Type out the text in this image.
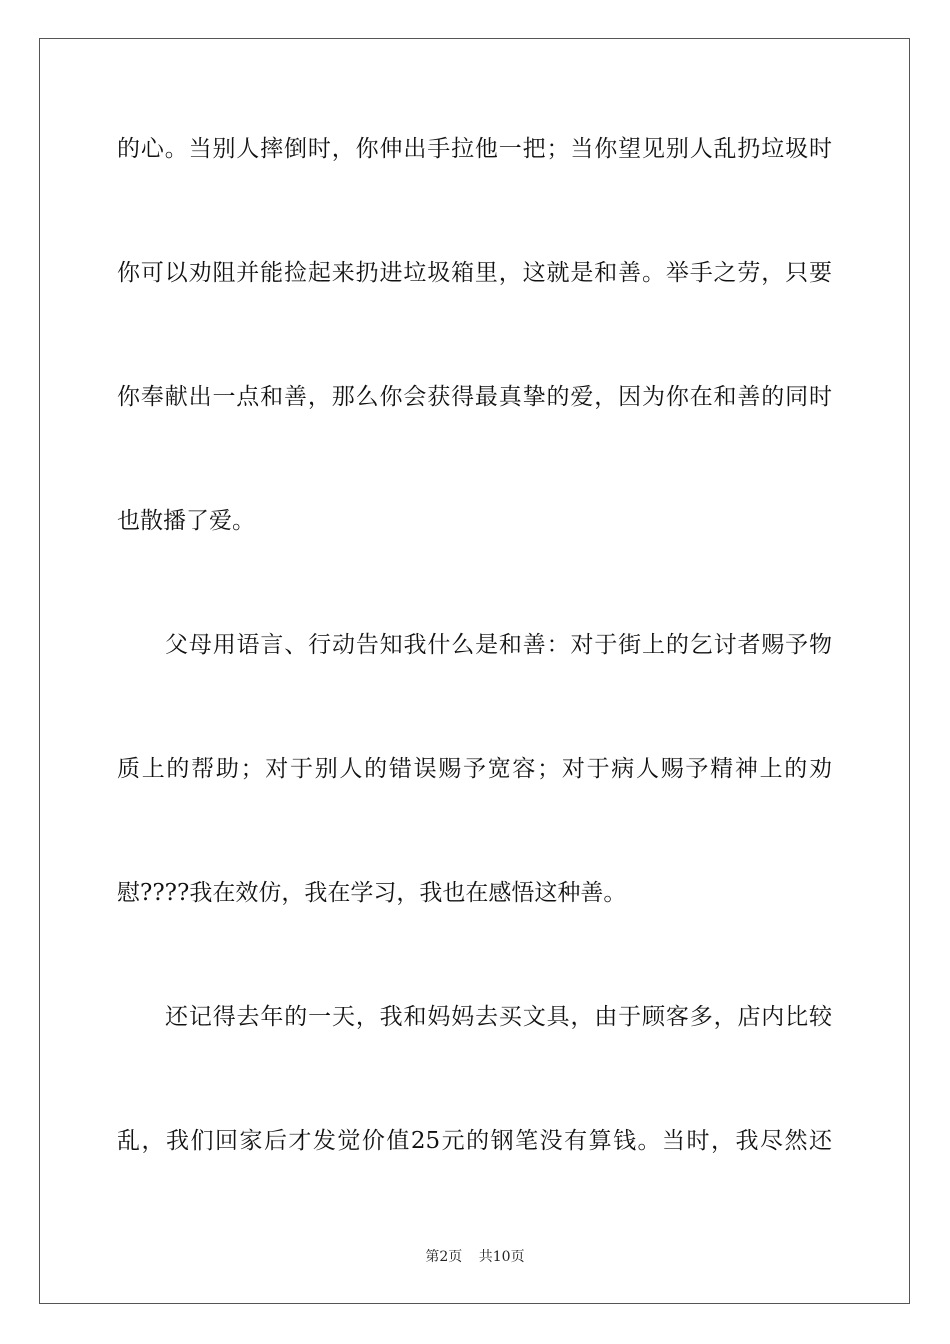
的心。当别人摔倒时，你伸出手拉他一把；当你望见别人乱扔垃圾时
你可以劝阻并能捡起来扔进垃圾箱里，这就是和善。举手之劳，只要
你奉献出一点和善，那么你会获得最真挚的爱，因为你在和善的同时
也散播了爱。
父母用语言、行动告知我什么是和善：对于街上的乞讨者赐予物
质上的帮助；对于别人的错误赐予宽容；对于病人赐予精神上的劝
慰????我在效仿，我在学习，我也在感悟这种善。
还记得去年的一天，我和妈妈去买文具，由于顾客多，店内比较
乱，我们回家后才发觉价值25元的钢笔没有算钱。当时，我尽然还
第2页 共10页
